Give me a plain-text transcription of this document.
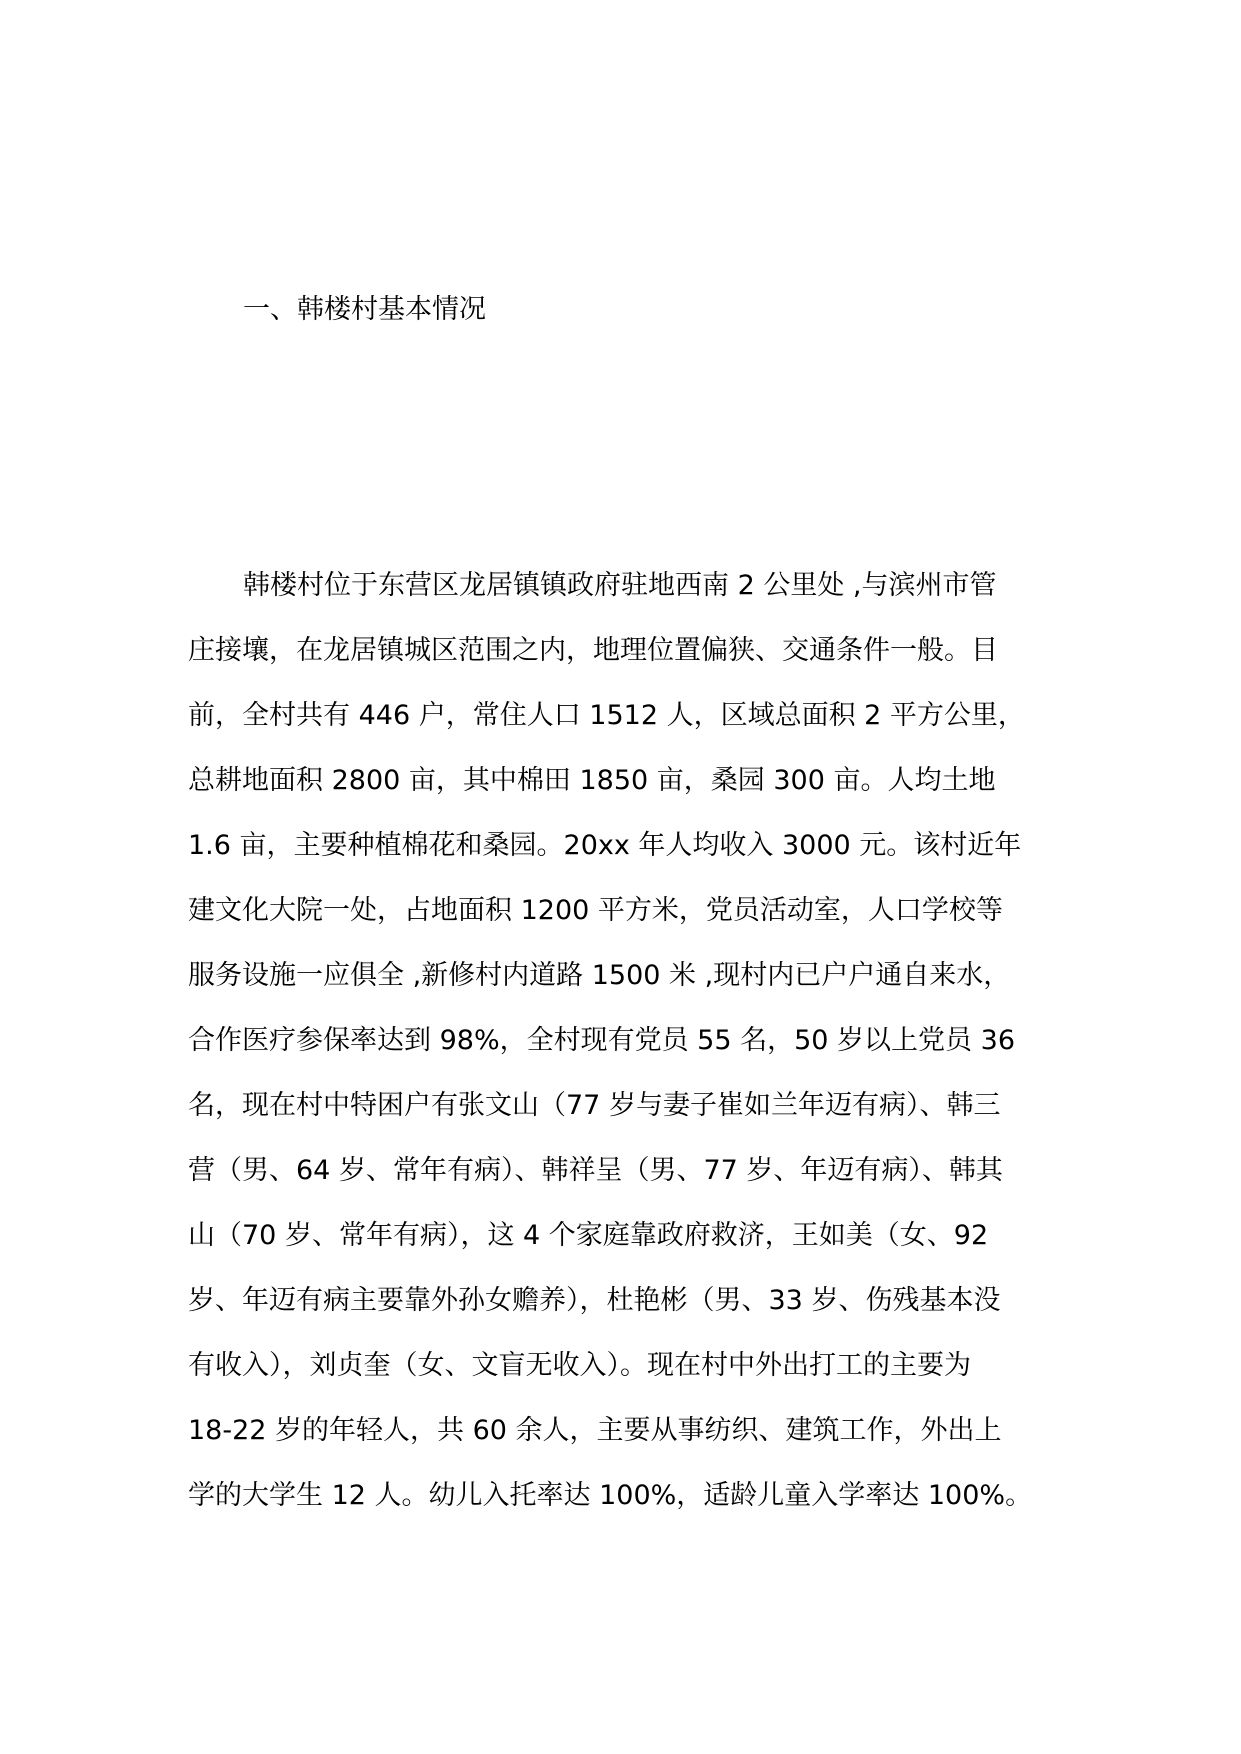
一、韩楼村基本情况
韩楼村位于东营区龙居镇镇政府驻地西南 2 公里处 ,与滨州市管
庄接壤，在龙居镇城区范围之内，地理位置偏狭、交通条件一般。目
前，全村共有 446 户，常住人口 1512 人，区域总面积 2 平方公里，
总耕地面积 2800 亩，其中棉田 1850 亩，桑园 300 亩。人均土地
1.6 亩，主要种植棉花和桑园。20xx 年人均收入 3000 元。该村近年
建文化大院一处，占地面积 1200 平方米，党员活动室，人口学校等
服务设施一应俱全 ,新修村内道路 1500 米 ,现村内已户户通自来水，
合作医疗参保率达到 98%，全村现有党员 55 名，50 岁以上党员 36
名，现在村中特困户有张文山（77 岁与妻子崔如兰年迈有病）、韩三
营（男、64 岁、常年有病）、韩祥呈（男、77 岁、年迈有病）、韩其
山（70 岁、常年有病），这 4 个家庭靠政府救济，王如美（女、92
岁、年迈有病主要靠外孙女赡养），杜艳彬（男、33 岁、伤残基本没
有收入），刘贞奎（女、文盲无收入）。现在村中外出打工的主要为
18-22 岁的年轻人，共 60 余人，主要从事纺织、建筑工作，外出上
学的大学生 12 人。幼儿入托率达 100%，适龄儿童入学率达 100%。
